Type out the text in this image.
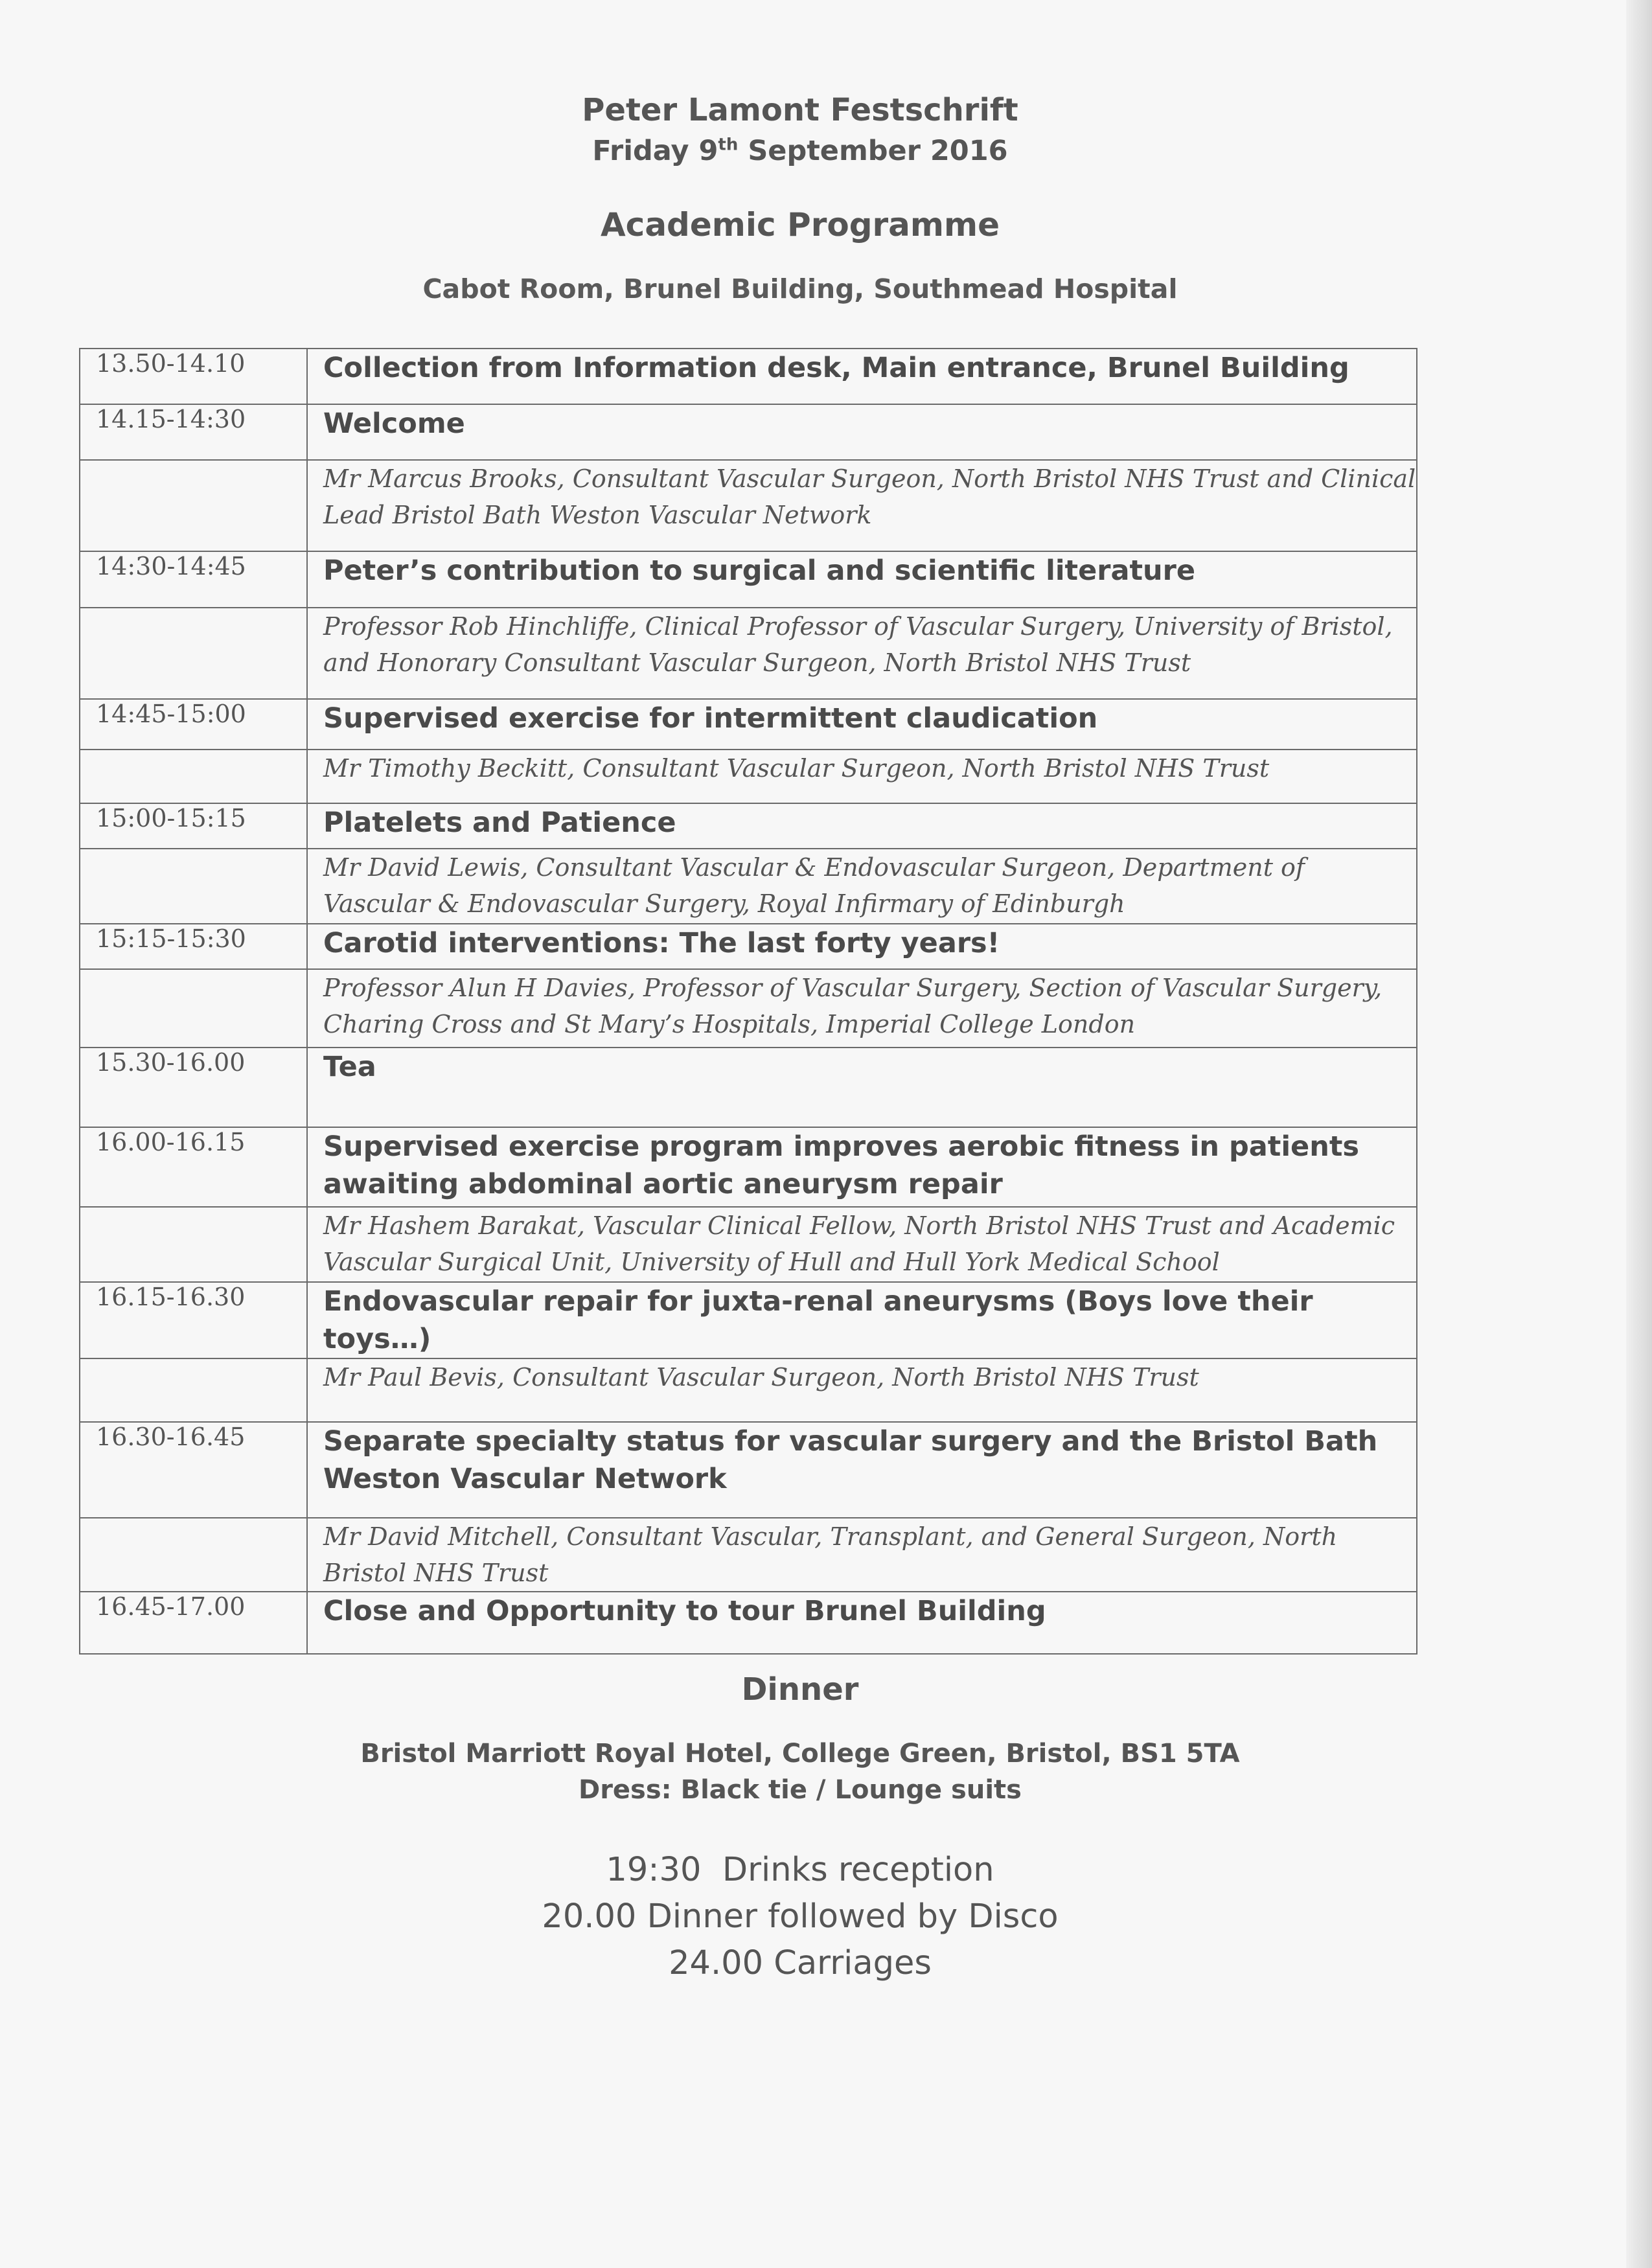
Peter Lamont Festschrift
Friday 9th September 2016
Academic Programme
Cabot Room, Brunel Building, Southmead Hospital
13.50-14.10	Collection from Information desk, Main entrance, Brunel Building
14.15-14:30	Welcome
	Mr Marcus Brooks, Consultant Vascular Surgeon, North Bristol NHS Trust and Clinical Lead Bristol Bath Weston Vascular Network
14:30-14:45	Peter’s contribution to surgical and scientific literature
	Professor Rob Hinchliffe, Clinical Professor of Vascular Surgery, University of Bristol, and Honorary Consultant Vascular Surgeon, North Bristol NHS Trust
14:45-15:00	Supervised exercise for intermittent claudication
	Mr Timothy Beckitt, Consultant Vascular Surgeon, North Bristol NHS Trust
15:00-15:15	Platelets and Patience
	Mr David Lewis, Consultant Vascular & Endovascular Surgeon, Department of Vascular & Endovascular Surgery, Royal Infirmary of Edinburgh
15:15-15:30	Carotid interventions: The last forty years!
	Professor Alun H Davies, Professor of Vascular Surgery, Section of Vascular Surgery, Charing Cross and St Mary’s Hospitals, Imperial College London
15.30-16.00	Tea
16.00-16.15	Supervised exercise program improves aerobic fitness in patients awaiting abdominal aortic aneurysm repair
	Mr Hashem Barakat, Vascular Clinical Fellow, North Bristol NHS Trust and Academic Vascular Surgical Unit, University of Hull and Hull York Medical School
16.15-16.30	Endovascular repair for juxta-renal aneurysms (Boys love their toys…)
	Mr Paul Bevis, Consultant Vascular Surgeon, North Bristol NHS Trust
16.30-16.45	Separate specialty status for vascular surgery and the Bristol Bath Weston Vascular Network
	Mr David Mitchell, Consultant Vascular, Transplant, and General Surgeon, North Bristol NHS Trust
16.45-17.00	Close and Opportunity to tour Brunel Building
Dinner
Bristol Marriott Royal Hotel, College Green, Bristol, BS1 5TA
Dress: Black tie / Lounge suits
19:30  Drinks reception
20.00 Dinner followed by Disco
24.00 Carriages
